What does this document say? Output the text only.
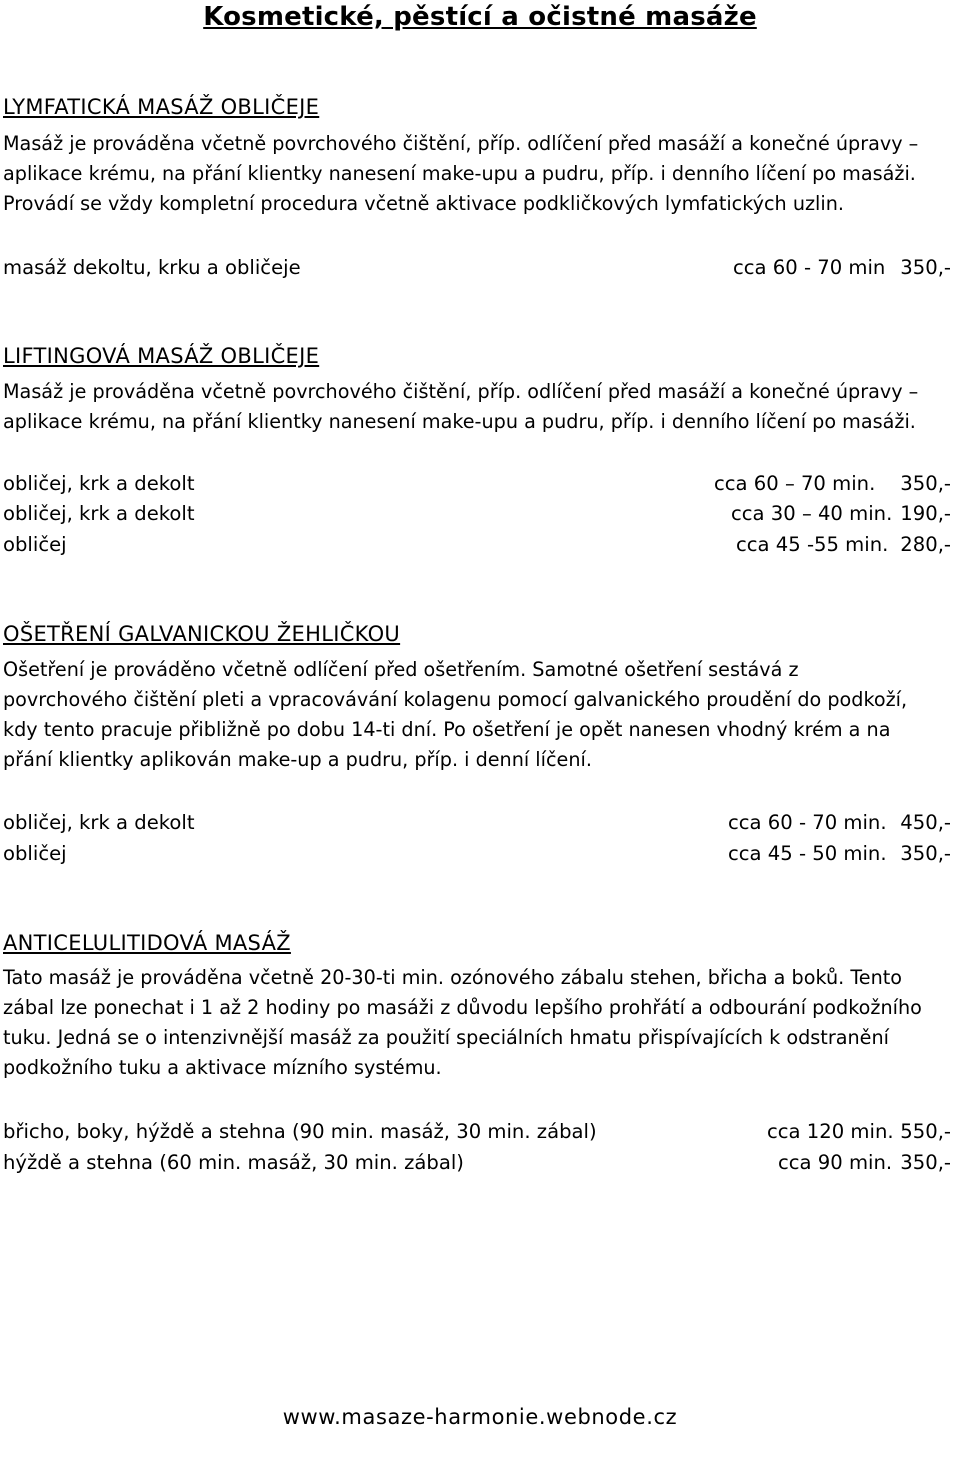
Kosmetické, pěstící a očistné masáže
LYMFATICKÁ MASÁŽ OBLIČEJE
Masáž je prováděna včetně povrchového čištění, příp. odlíčení před masáží a konečné úpravy –
aplikace krému, na přání klientky nanesení make-upu a pudru, příp. i denního líčení po masáži.
Provádí se vždy kompletní procedura včetně aktivace podkličkových lymfatických uzlin.
masáž dekoltu, krku a obličeje	cca 60 - 70 min 350,-
LIFTINGOVÁ MASÁŽ OBLIČEJE
Masáž je prováděna včetně povrchového čištění, příp. odlíčení před masáží a konečné úpravy –
aplikace krému, na přání klientky nanesení make-upu a pudru, příp. i denního líčení po masáži.
obličej, krk a dekolt	cca 60 – 70 min. 350,-
obličej, krk a dekolt	cca 30 – 40 min. 190,-
obličej	cca 45 -55 min. 280,-
OŠETŘENÍ GALVANICKOU ŽEHLIČKOU
Ošetření je prováděno včetně odlíčení před ošetřením. Samotné ošetření sestává z
povrchového čištění pleti a vpracovávání kolagenu pomocí galvanického proudění do podkoží,
kdy tento pracuje přibližně po dobu 14-ti dní. Po ošetření je opět nanesen vhodný krém a na
přání klientky aplikován make-up a pudru, příp. i denní líčení.
obličej, krk a dekolt	cca 60 - 70 min. 450,-
obličej	cca 45 - 50 min. 350,-
ANTICELULITIDOVÁ MASÁŽ
Tato masáž je prováděna včetně 20-30-ti min. ozónového zábalu stehen, břicha a boků. Tento
zábal lze ponechat i 1 až 2 hodiny po masáži z důvodu lepšího prohřátí a odbourání podkožního
tuku. Jedná se o intenzivnější masáž za použití speciálních hmatu přispívajících k odstranění
podkožního tuku a aktivace mízního systému.
břicho, boky, hýždě a stehna (90 min. masáž, 30 min. zábal)	cca 120 min. 550,-
hýždě a stehna (60 min. masáž, 30 min. zábal)	cca 90 min. 350,-
www.masaze-harmonie.webnode.cz
